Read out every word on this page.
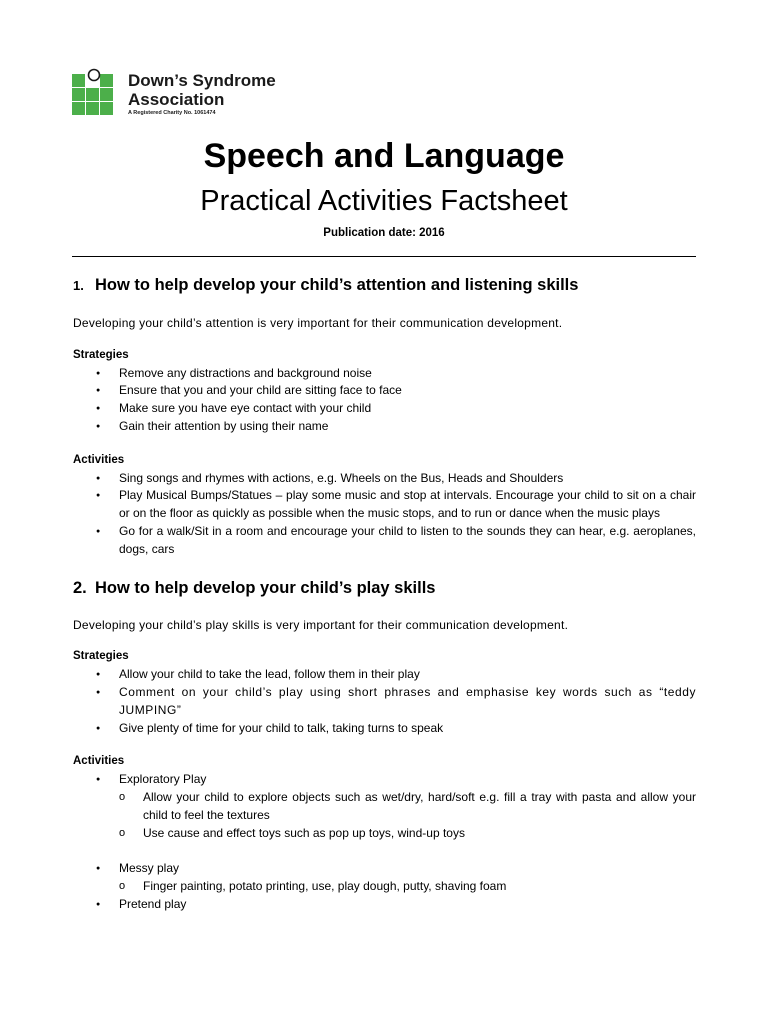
Down’s Syndrome
Association
A Registered Charity No. 1061474
Speech and Language
Practical Activities Factsheet
Publication date: 2016
1. How to help develop your child’s attention and listening skills

Developing your child’s attention is very important for their communication development.

Strategies

● Remove any distractions and background noise
● Ensure that you and your child are sitting face to face
● Make sure you have eye contact with your child
● Gain their attention by using their name

Activities

● Sing songs and rhymes with actions, e.g. Wheels on the Bus, Heads and Shoulders
● Play Musical Bumps/Statues – play some music and stop at intervals. Encourage your child to sit on a chair or on the floor as quickly as possible when the music stops, and to run or dance when the music plays
● Go for a walk/Sit in a room and encourage your child to listen to the sounds they can hear, e.g. aeroplanes, dogs, cars
2. How to help develop your child’s play skills

Developing your child’s play skills is very important for their communication development.

Strategies

● Allow your child to take the lead, follow them in their play
● Comment on your child’s play using short phrases and emphasise key words such as “teddy JUMPING”
● Give plenty of time for your child to talk, taking turns to speak

Activities

● Exploratory Play
o Allow your child to explore objects such as wet/dry, hard/soft e.g. fill a tray with pasta and allow your child to feel the textures
o Use cause and effect toys such as pop up toys, wind-up toys
● Messy play
o Finger painting, potato printing, use, play dough, putty, shaving foam
● Pretend play
